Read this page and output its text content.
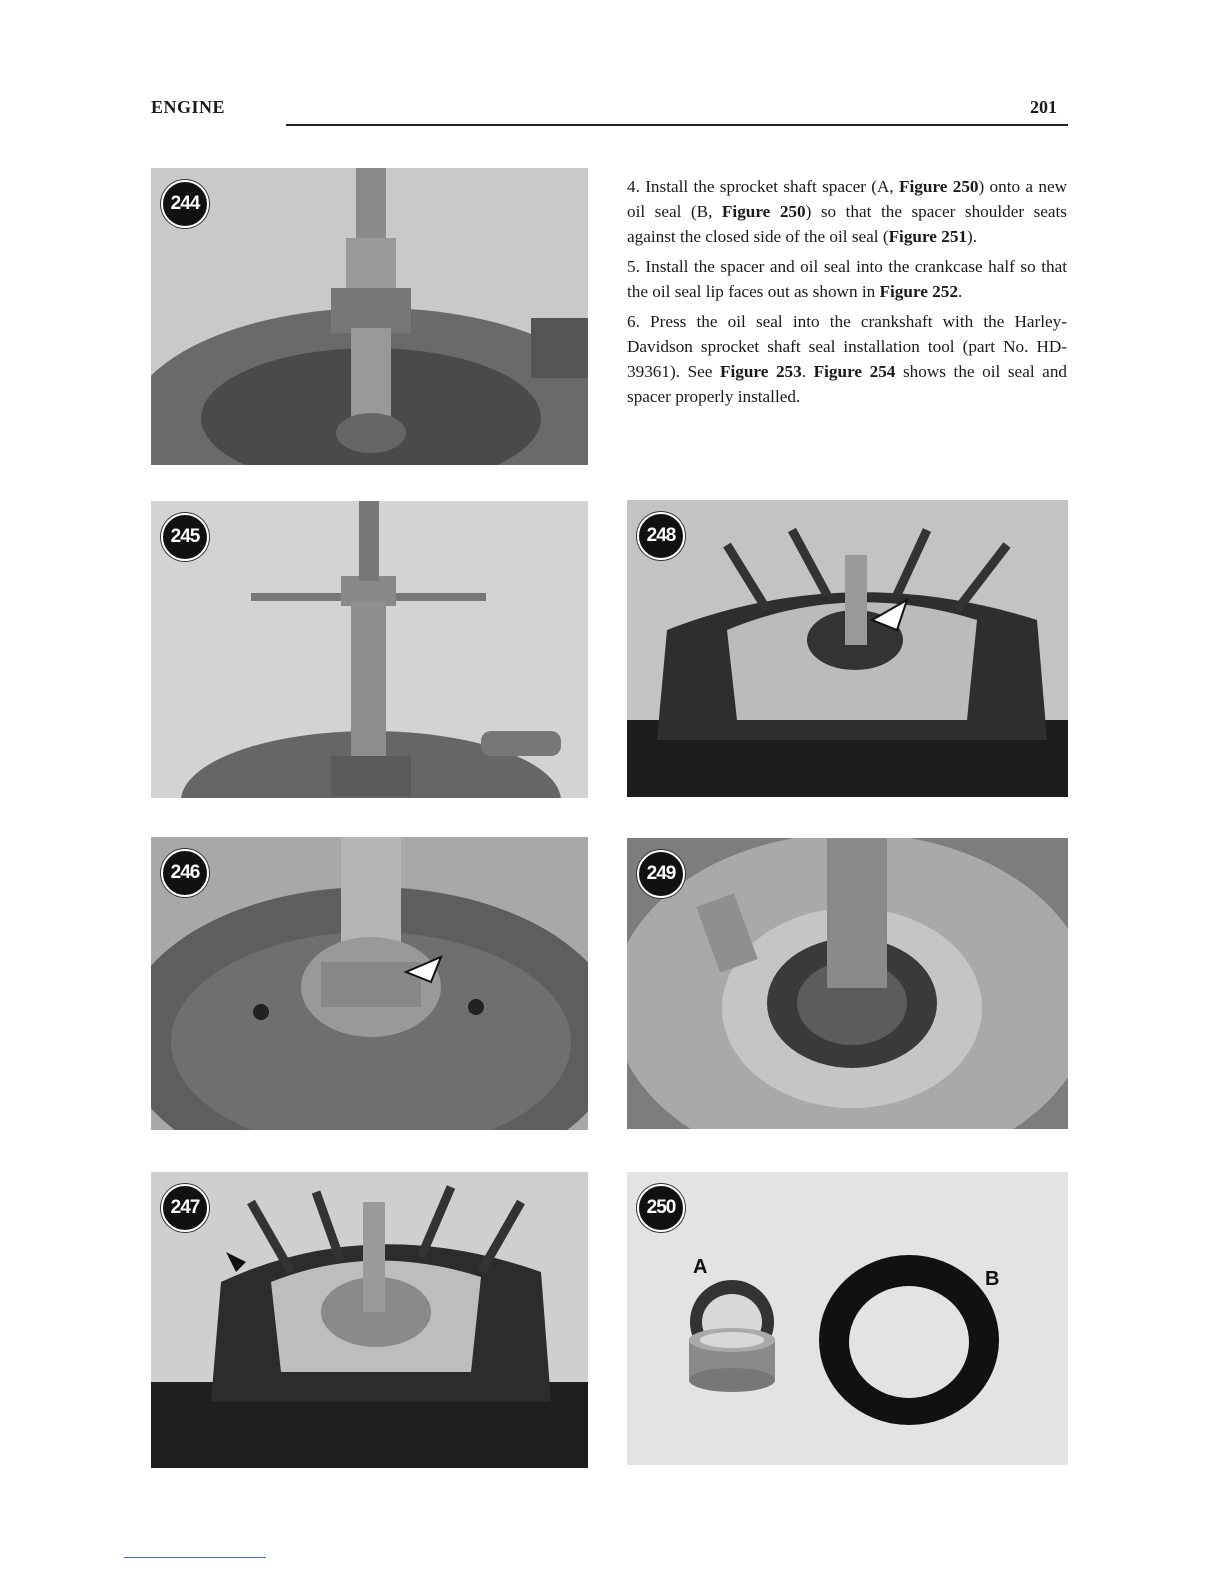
ENGINE	201

4. Install the sprocket shaft spacer (A, Figure 250) onto a new oil seal (B, Figure 250) so that the spacer shoulder seats against the closed side of the oil seal (Figure 251).

5. Install the spacer and oil seal into the crankcase half so that the oil seal lip faces out as shown in Figure 252.

6. Press the oil seal into the crankshaft with the Harley-Davidson sprocket shaft seal installation tool (part No. HD-39361). See Figure 253. Figure 254 shows the oil seal and spacer properly installed.

244
245
246
247
248
249
250
A
B
